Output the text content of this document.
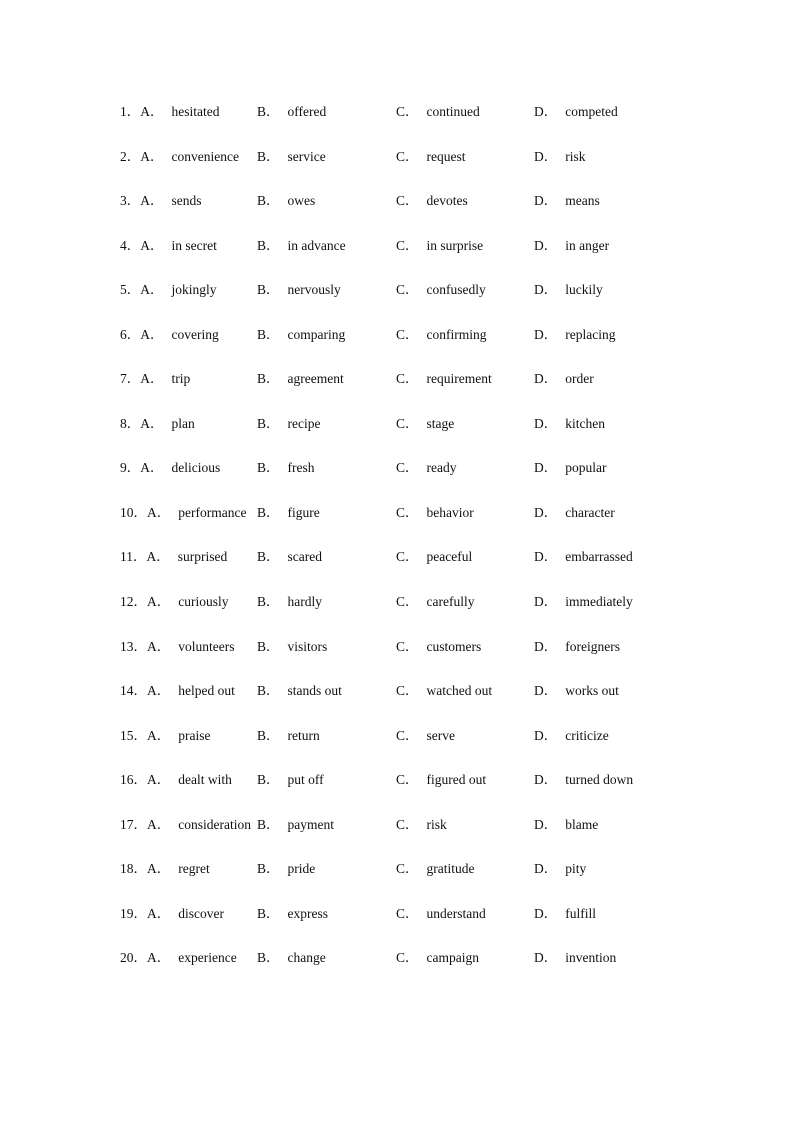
1．A． hesitated	B． offered	C． continued	D． competed
2．A． convenience B． service	C． request	D． risk
3．A． sends	B． owes	C． devotes	D． means
4．A． in secret	B． in advance	C． in surprise	D． in anger
5．A． jokingly	B． nervously	C． confusedly	D． luckily
6．A． covering	B． comparing	C． confirming	D． replacing
7．A． trip	B． agreement	C． requirement	D． order
8．A． plan	B． recipe	C． stage	D． kitchen
9．A． delicious	B． fresh	C． ready	D． popular
10．A． performance B． figure	C． behavior	D． character
11．A． surprised B． scared	C． peaceful	D． embarrassed
12．A． curiously B． hardly	C． carefully	D． immediately
13．A． volunteers B． visitors	C． customers	D． foreigners
14．A． helped out B． stands out	C． watched out	D． works out
15．A． praise	B． return	C． serve	D． criticize
16．A． dealt with B． put off	C． figured out	D． turned down
17．A． consideration B． payment	C． risk	D． blame
18．A． regret	B． pride	C． gratitude	D． pity
19．A． discover B． express	C． understand	D． fulfill
20．A． experience B． change	C． campaign	D． invention
